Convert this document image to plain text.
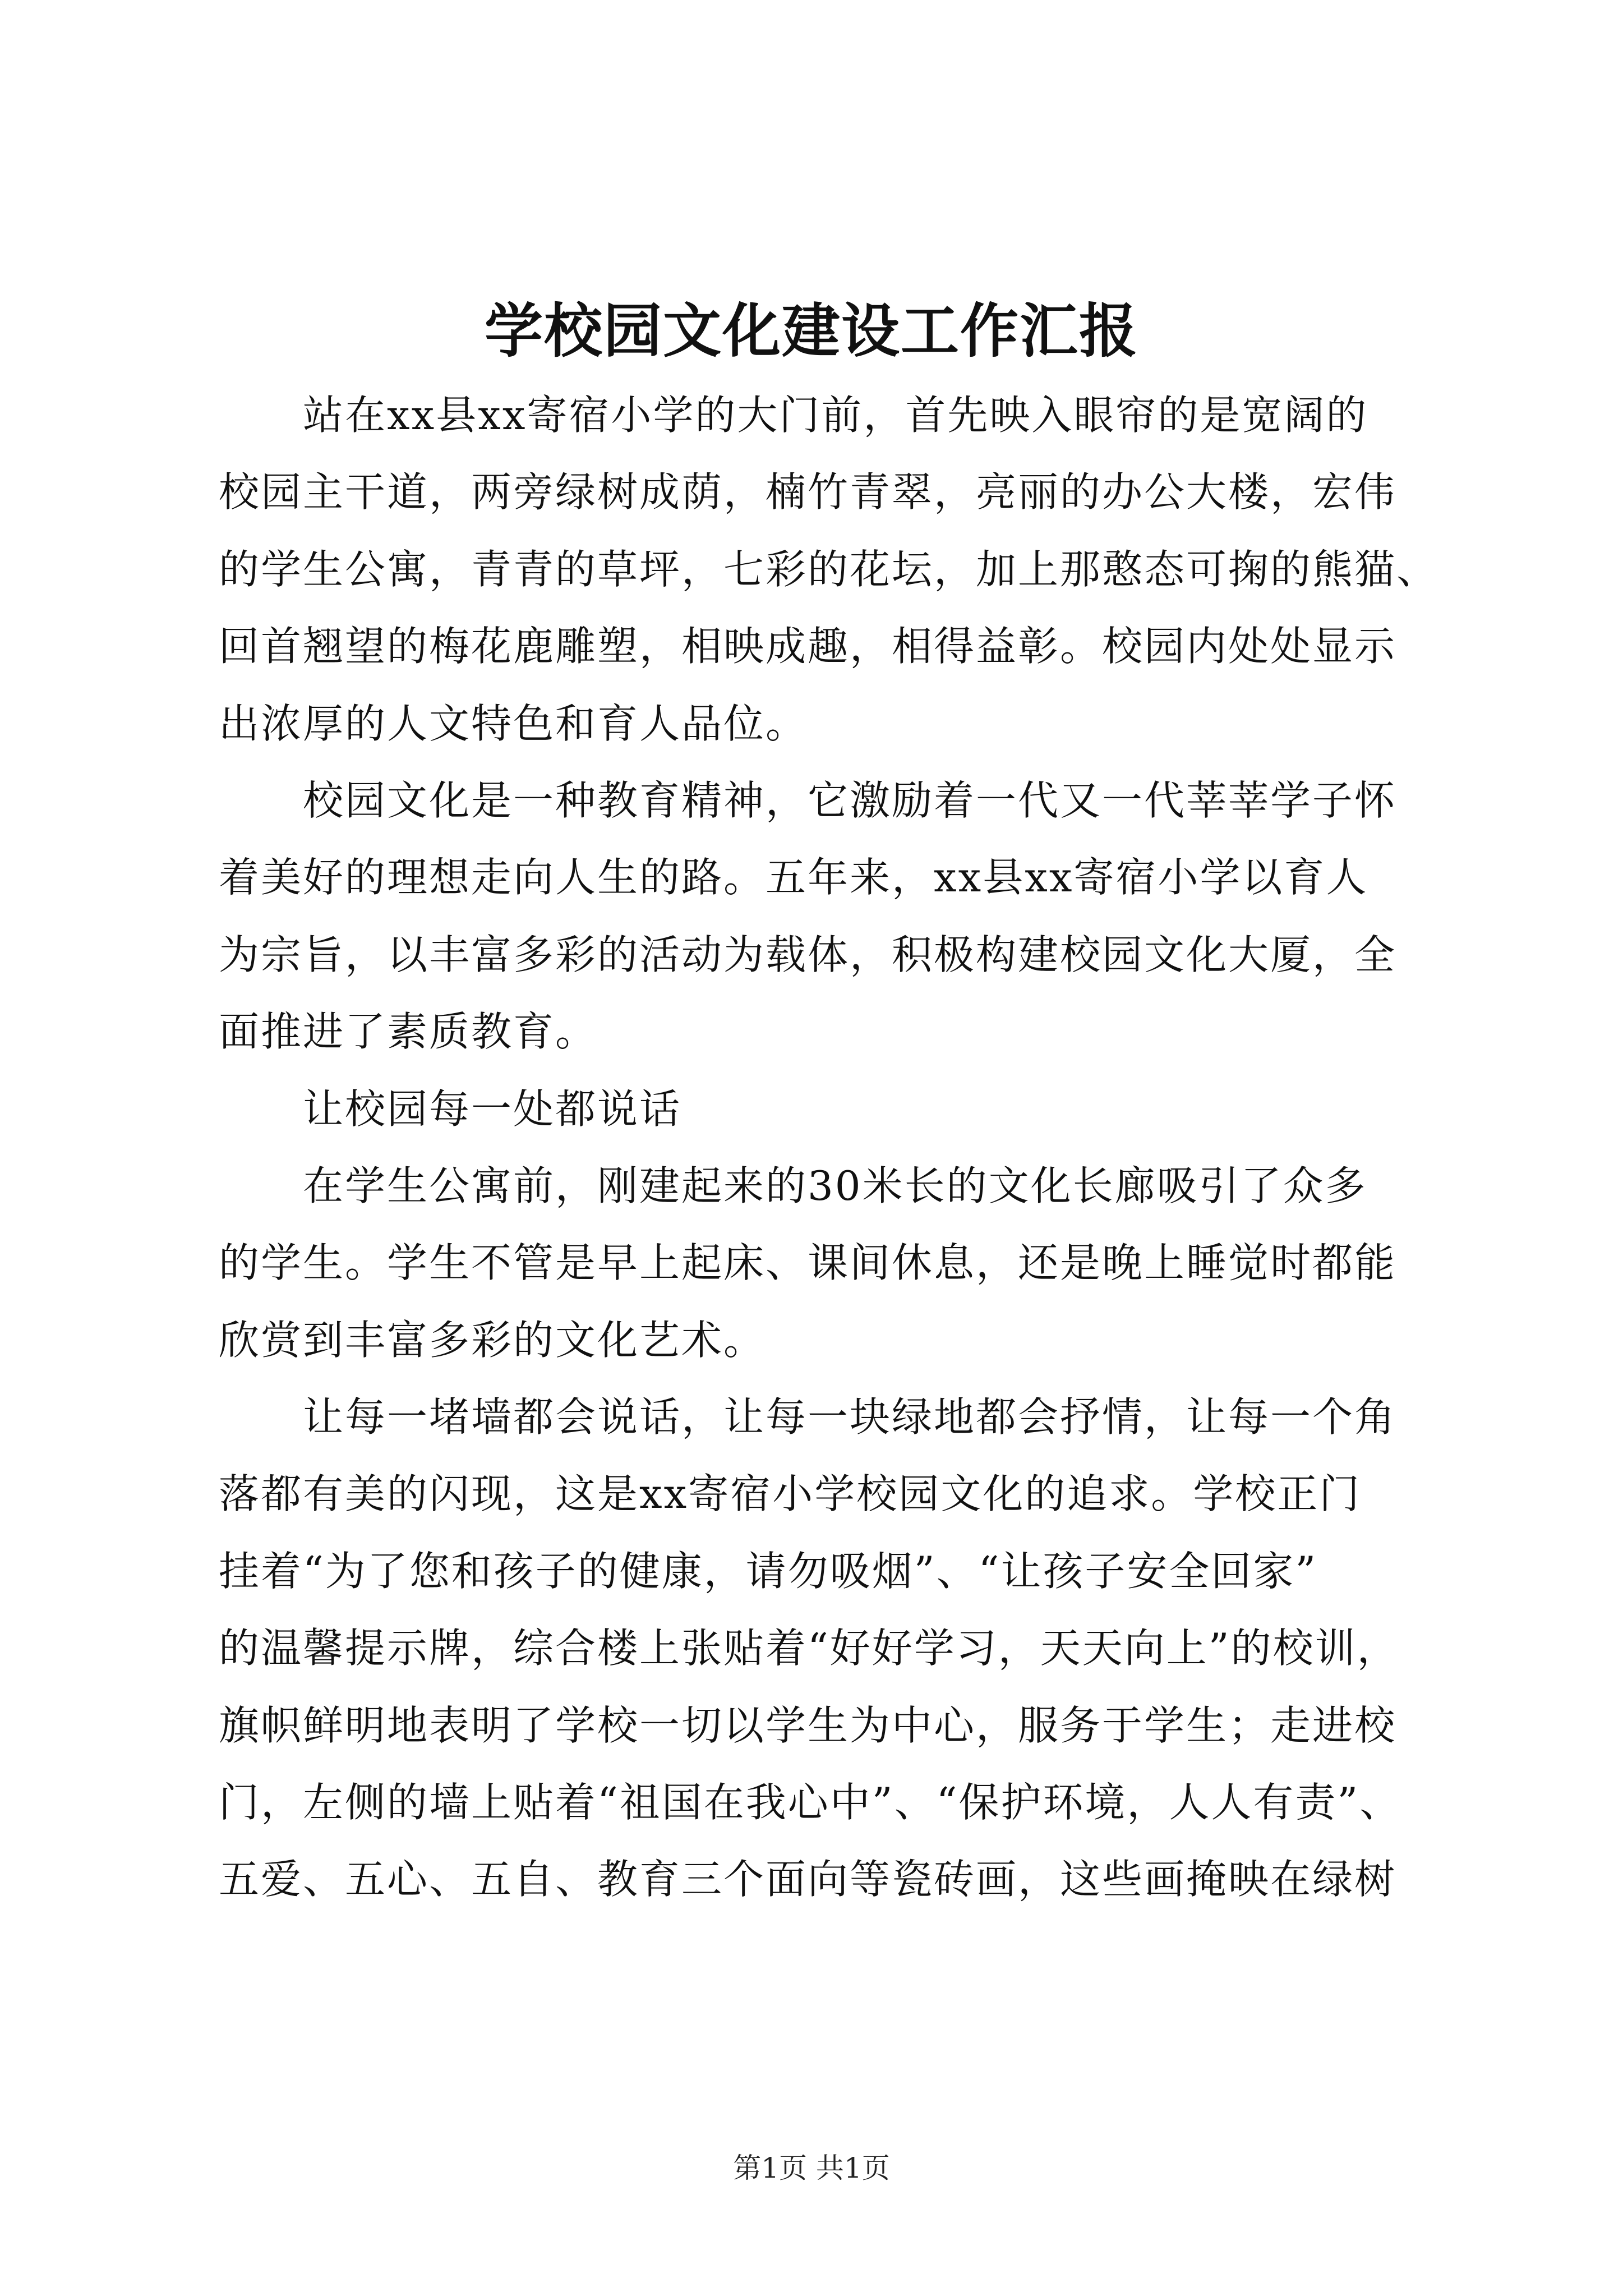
学校园文化建设工作汇报
站在xx县xx寄宿小学的大门前，首先映入眼帘的是宽阔的
校园主干道，两旁绿树成荫，楠竹青翠，亮丽的办公大楼，宏伟
的学生公寓，青青的草坪，七彩的花坛，加上那憨态可掬的熊猫、
回首翘望的梅花鹿雕塑，相映成趣，相得益彰。校园内处处显示
出浓厚的人文特色和育人品位。
校园文化是一种教育精神，它激励着一代又一代莘莘学子怀
着美好的理想走向人生的路。五年来，xx县xx寄宿小学以育人
为宗旨，以丰富多彩的活动为载体，积极构建校园文化大厦，全
面推进了素质教育。
让校园每一处都说话
在学生公寓前，刚建起来的30米长的文化长廊吸引了众多
的学生。学生不管是早上起床、课间休息，还是晚上睡觉时都能
欣赏到丰富多彩的文化艺术。
让每一堵墙都会说话，让每一块绿地都会抒情，让每一个角
落都有美的闪现，这是xx寄宿小学校园文化的追求。学校正门
挂着“为了您和孩子的健康，请勿吸烟”、“让孩子安全回家”
的温馨提示牌，综合楼上张贴着“好好学习，天天向上”的校训，
旗帜鲜明地表明了学校一切以学生为中心，服务于学生；走进校
门，左侧的墙上贴着“祖国在我心中”、“保护环境，人人有责”、
五爱、五心、五自、教育三个面向等瓷砖画，这些画掩映在绿树
第1页 共1页
